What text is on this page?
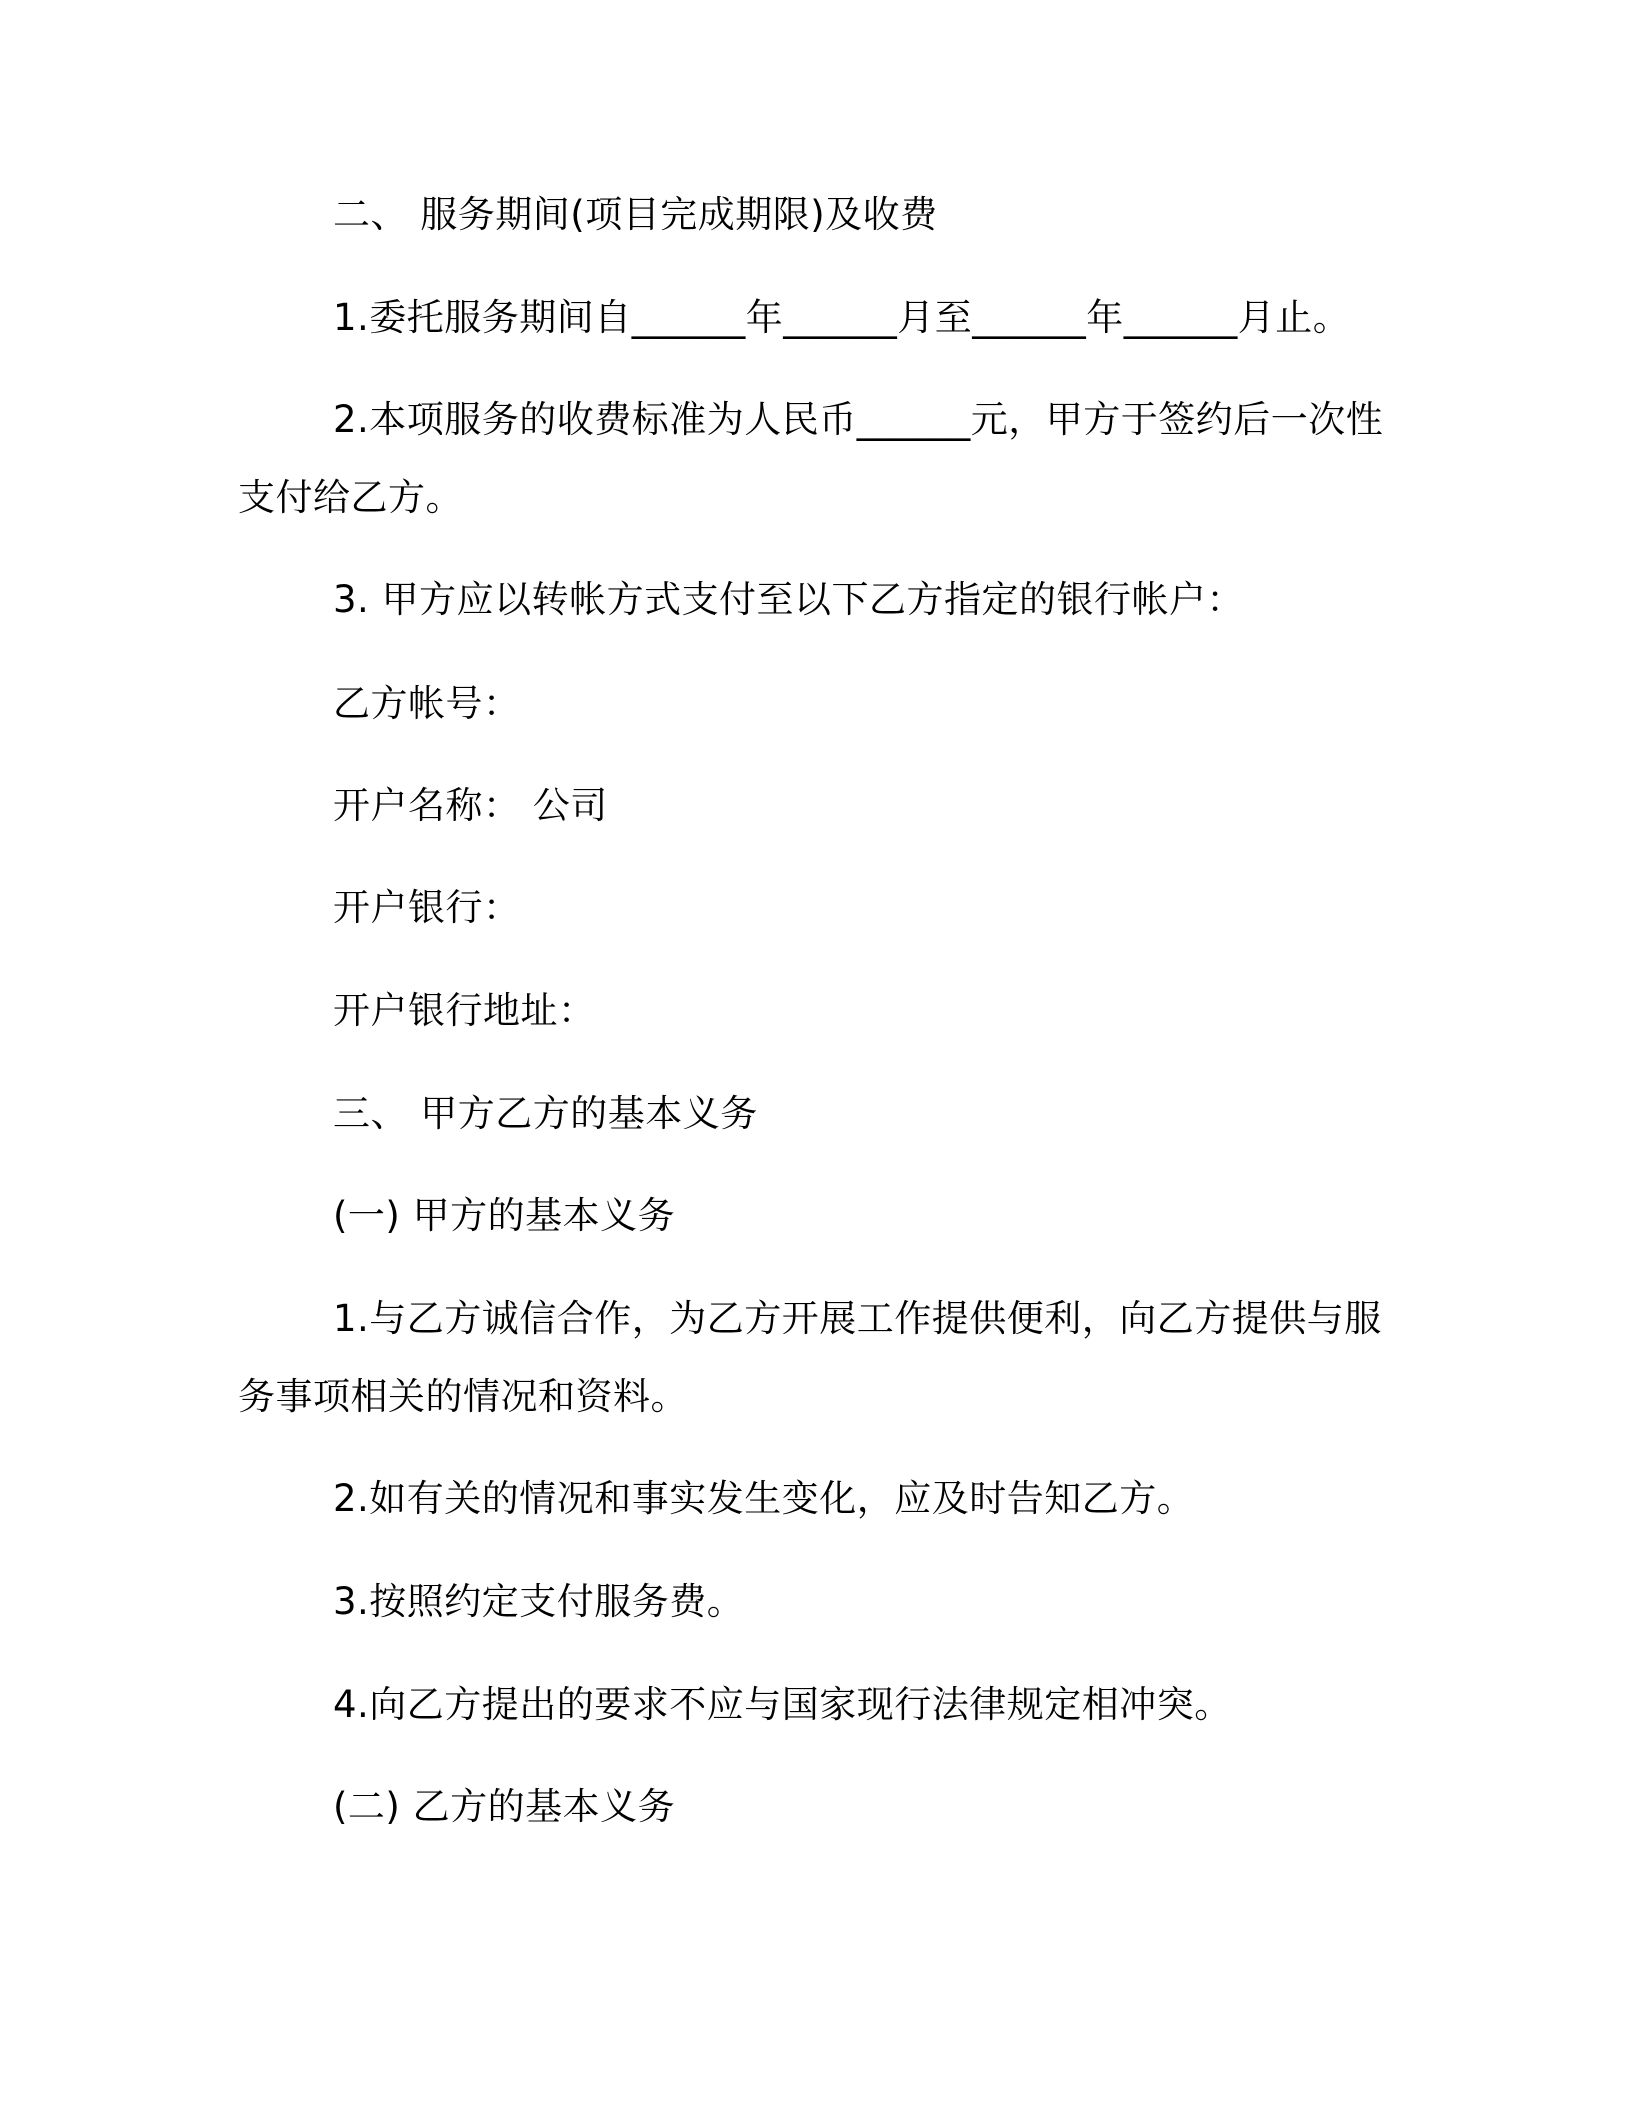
二、 服务期间(项目完成期限)及收费
1.委托服务期间自______年______月至______年______月止。
2.本项服务的收费标准为人民币______元，甲方于签约后一次性
支付给乙方。
3. 甲方应以转帐方式支付至以下乙方指定的银行帐户：
乙方帐号：
开户名称： 公司
开户银行：
开户银行地址：
三、 甲方乙方的基本义务
(一) 甲方的基本义务
1.与乙方诚信合作，为乙方开展工作提供便利，向乙方提供与服
务事项相关的情况和资料。
2.如有关的情况和事实发生变化，应及时告知乙方。
3.按照约定支付服务费。
4.向乙方提出的要求不应与国家现行法律规定相冲突。
(二) 乙方的基本义务
